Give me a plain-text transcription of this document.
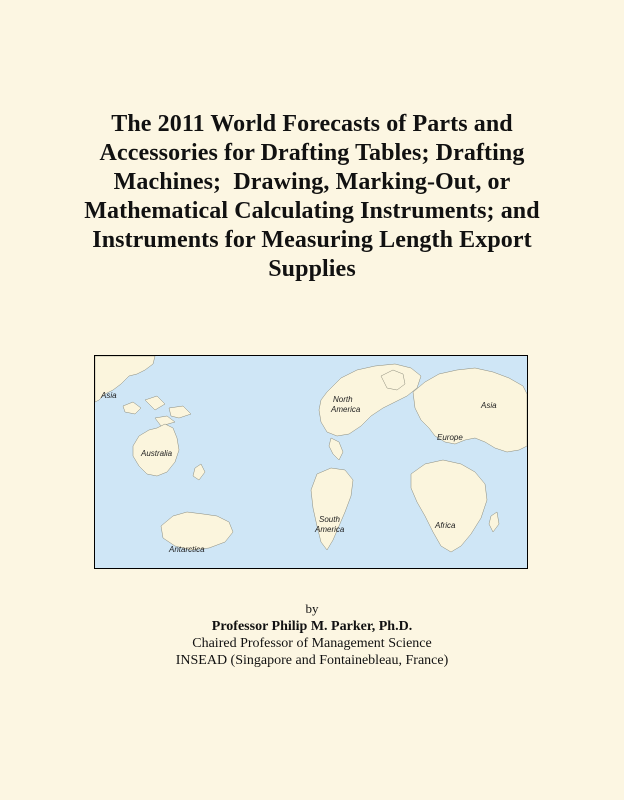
The 2011 World Forecasts of Parts and
Accessories for Drafting Tables; Drafting
Machines;  Drawing, Marking-Out, or
Mathematical Calculating Instruments; and
Instruments for Measuring Length Export
Supplies
Asia
Australia
Antarctica
North
America
South
America
Asia
Europe
Africa
by
Professor Philip M. Parker, Ph.D.
Chaired Professor of Management Science
INSEAD (Singapore and Fontainebleau, France)
